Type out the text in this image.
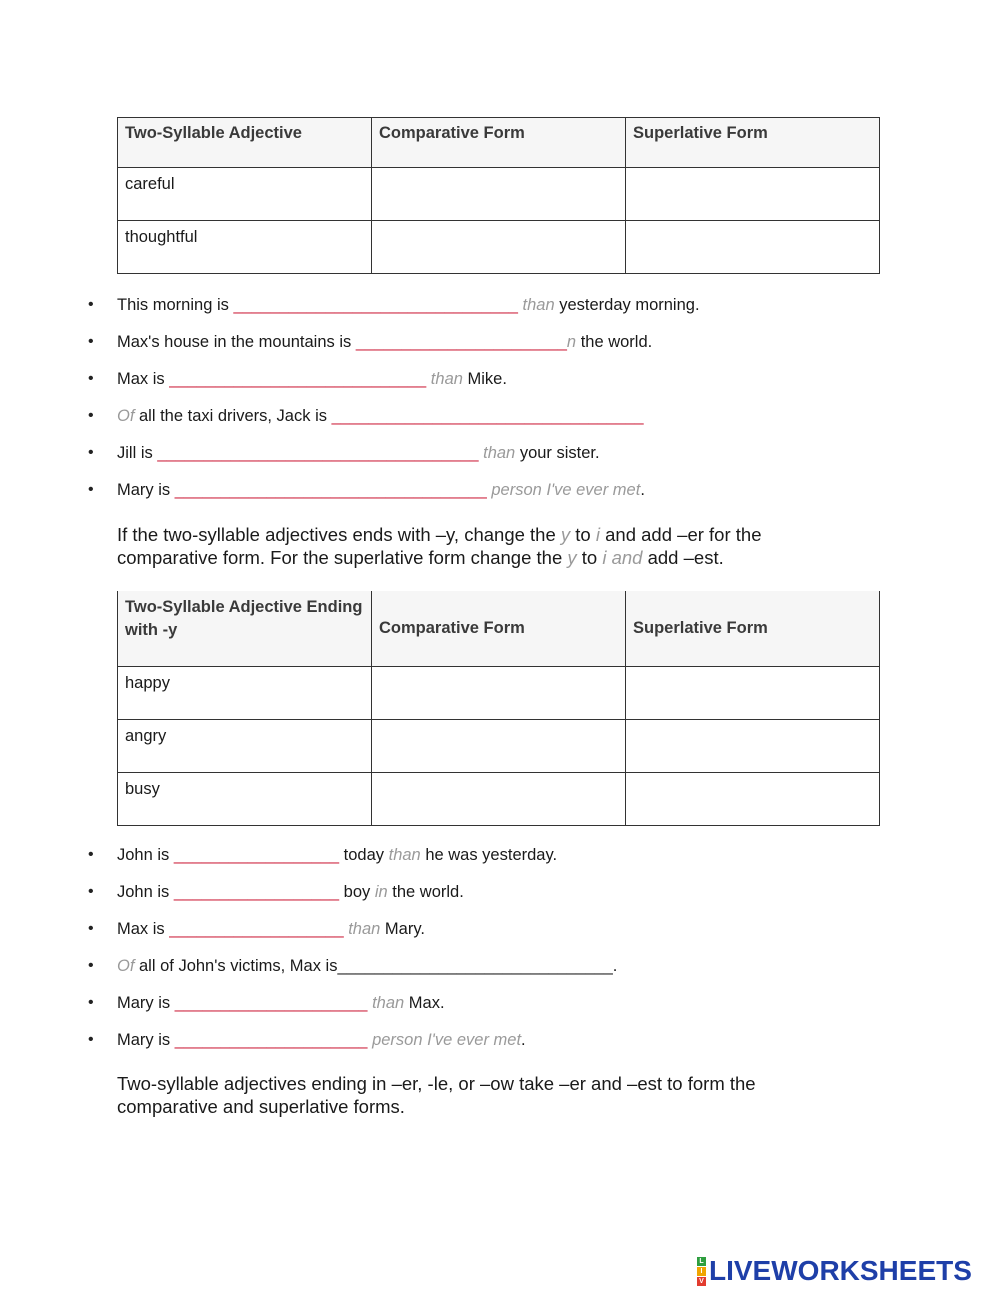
Two-Syllable Adjective	Comparative Form	Superlative Form
careful		
thoughtful		
• This morning is _______________________________ than yesterday morning.
• Max's house in the mountains is _______________________n the world.
• Max is ____________________________ than Mike.
• Of all the taxi drivers, Jack is __________________________________
• Jill is ___________________________________ than your sister.
• Mary is __________________________________ person I've ever met.

If the two-syllable adjectives ends with –y, change the y to i and add –er for the comparative form. For the superlative form change the y to i and add –est.

Two-Syllable Adjective Ending with -y	Comparative Form	Superlative Form
happy		
angry		
busy		
• John is __________________ today than he was yesterday.
• John is __________________ boy in the world.
• Max is ___________________ than Mary.
• Of all of John's victims, Max is______________________________.
• Mary is _____________________ than Max.
• Mary is _____________________ person I've ever met.

Two-syllable adjectives ending in –er, -le, or –ow take –er and –est to form the comparative and superlative forms.

L
I
V LIVEWORKSHEETS
